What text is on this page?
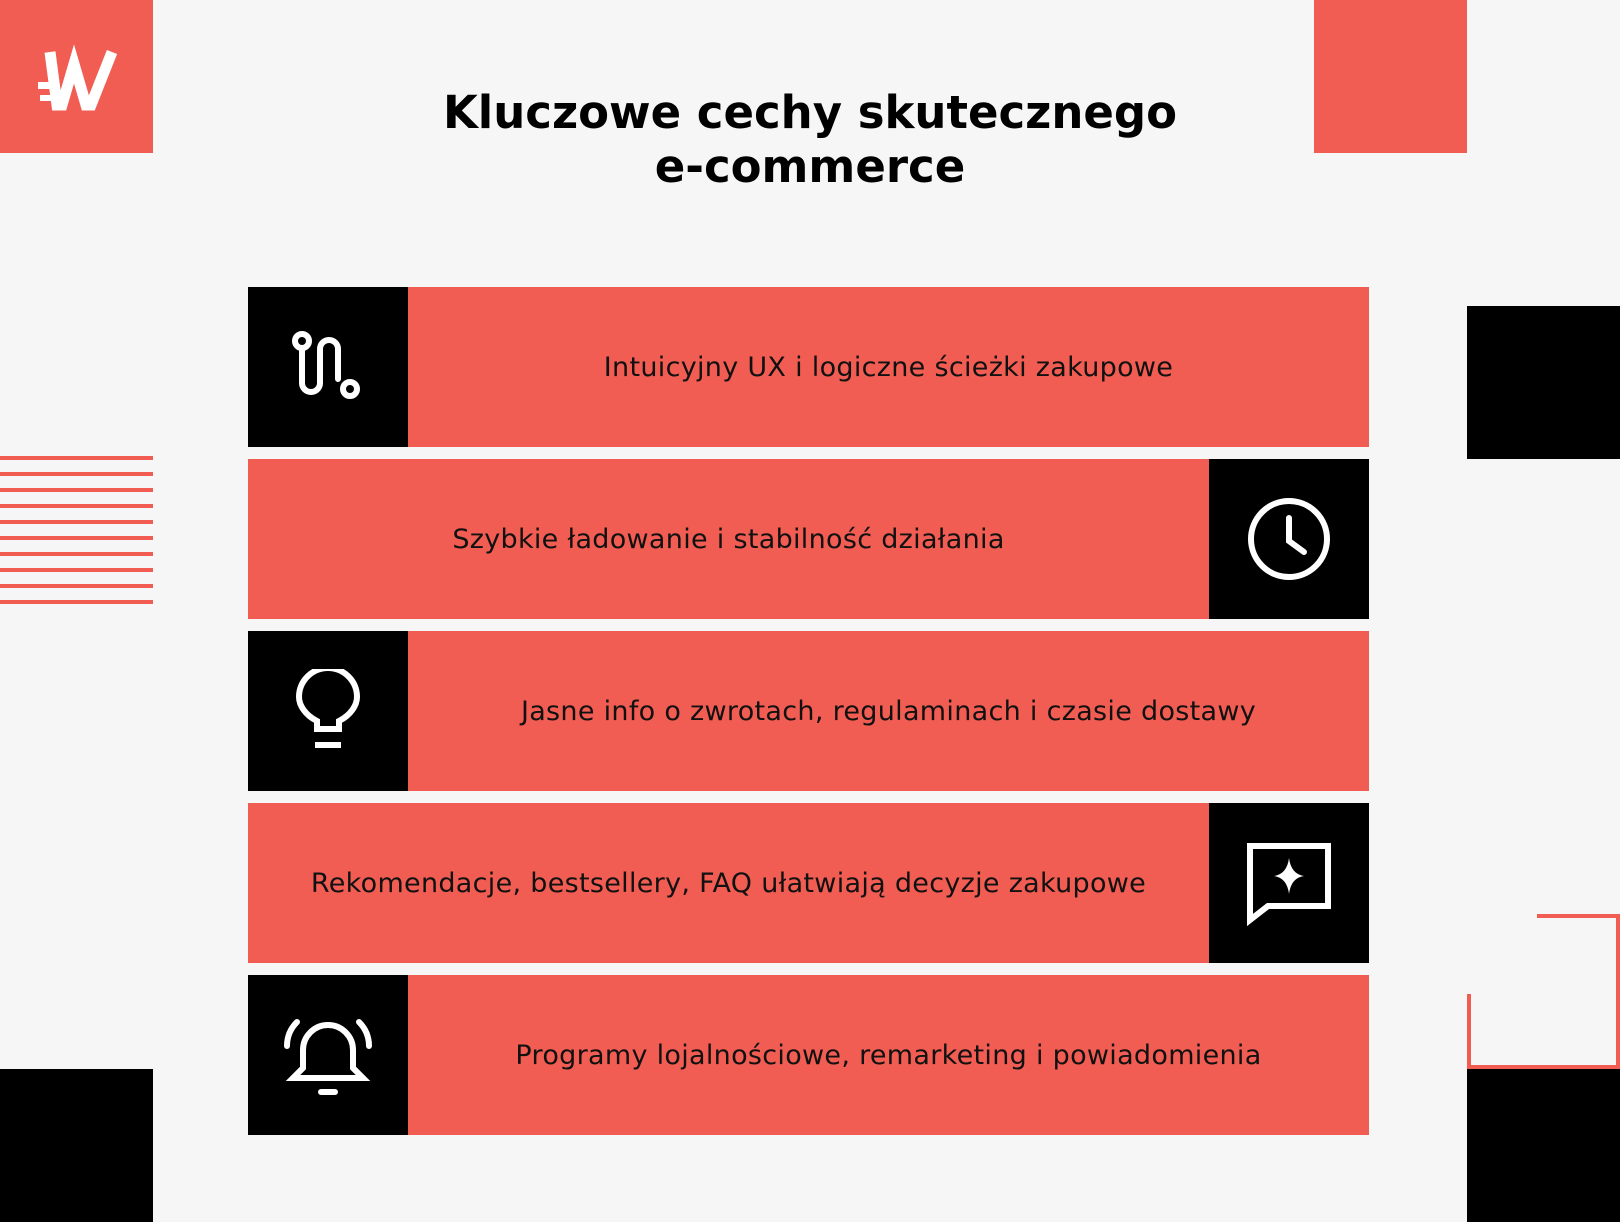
Kluczowe cechy skutecznego
e-commerce
Intuicyjny UX i logiczne ścieżki zakupowe
Szybkie ładowanie i stabilność działania
Jasne info o zwrotach, regulaminach i czasie dostawy
Rekomendacje, bestsellery, FAQ ułatwiają decyzje zakupowe
Programy lojalnościowe, remarketing i powiadomienia
